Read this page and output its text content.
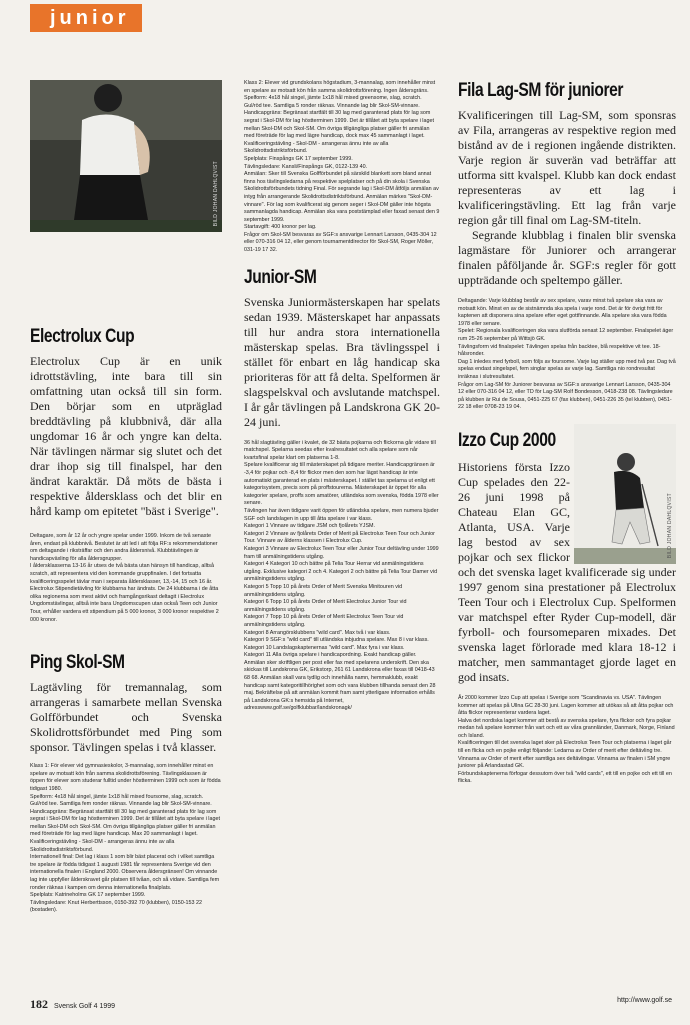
junior
BILD JOHAN DAHLQVIST
Electrolux Cup

Electrolux Cup är en unik idrottstävling, inte bara till sin omfattning utan också till sin form. Den börjar som en utpräglad breddtävling på klubbnivå, där alla ungdomar 16 år och yngre kan delta. När tävlingen närmar sig slutet och det drar ihop sig till finalspel, har den ändrat karaktär. Då möts de bästa i respektive åldersklass och det blir en hård kamp om epitetet "bäst i Sverige".

Deltagare, som år 12 år och yngre spelar under 1999. Inkom de två senaste åren, endast på klubbnivå. Beslutet är att led i att följa RF:s rekommendationer om deltagande i riksträffar och den andra åldersnivå. Klubbtävlingen är handicapväxling för alla åldersgrupper.
I åldersklasserna 13-16 år utses de två bästa utan hänsyn till handicap, alltså scratch, att representera vid den kommande gruppfinalen. I det fortsatta kvalificeringsspelet tävlar man i separata åldersklasser, 13,-14, 15 och 16 år.
Electrolux Stipendietävling för klubbarna har ändrats. De 24 klubbarna i de åtta olika regionerna som mest aktivt och framgångsrikast deltagit i Electrolux Ungdomstävlingar, alltså inte bara Ungdomscupen utan också Teen och Junior Tour, erhåller vardera ett stipendium på 5 000 kronor, 3 000 kronor respektive 2 000 kronor.

Ping Skol-SM

Lagtävling för tremannalag, som arrangeras i samarbete mellan Svenska Golfförbundet och Svenska Skolidrottsförbundet med Ping som sponsor. Tävlingen spelas i två klasser.

Klass 1: För elever vid gymnasieskolor, 3-mannalag, som innehåller minst en spelare av motsatt kön från samma skolidrottsförening. Tävlingsklassen är öppen för elever som studerar fulltid under höstterminen 1999 och som är födda tidigast 1980.
Spelform: 4x18 hål singel, jämte 1x18 hål mixed foursome, slag, scratch. Gul/röd tee. Samtliga fem ronder räknas. Vinnande lag blir Skol-SM-vinnare.
Handicapgräns: Begränsat startfält till 30 lag med garanterad plats för lag som segrat i Skol-DM för lag höstterminen 1999. Det är tillåtet att byta spelare i laget mellan Skol-DM och Skol-SM. Om övriga tillgängliga platser gäller fri anmälan med företräde för lag med lägre handicap. Max 20 sammanlagt i laget. Kvalificeringstävling - Skol-DM - arrangeras ännu inte av alla Skolidrottsdistriktsförbund.
Internationell final: Det lag i klass 1 som blir bäst placerat och i vilket samtliga tre spelare är födda tidigast 1 augusti 1981 får representera Sverige vid den internationella finalen i England 2000. Observera åldersgränsen! Om vinnande lag inte uppfyller ålderskravet går platsen till tvåan, och så vidare. Samtliga fem ronder räknas i kampen om denna internationella finalplats.
Spelplats: Katrineholms GK 17 september 1999.
Tävlingsledare: Knut Herberttsson, 0150-392 70 (klubben), 0150-153 22 (bostaden).

Klass 2: Elever vid grundskolans högstadium, 3-mannalag, som innehåller minst en spelare av motsatt kön från samma skolidrottsförening. Ingen åldersgräns.
Spelform: 4x18 hål singel, jämte 1x18 hål mixed greensome, slag, scratch. Gul/röd tee. Samtliga 5 ronder räknas. Vinnande lag blir Skol-SM-vinnare.
Handicapgräns: Begränsat startfält till 30 lag med garanterad plats för lag som segrat i Skol-DM för lag höstterminen 1999. Det är tillåtet att byta spelare i laget mellan Skol-DM och Skol-SM. Om övriga tillgängliga platser gäller fri anmälan med företräde för lag med lägre handicap, dock max 45 sammanlagt i laget. Kvalificeringstävling - Skol-DM - arrangeras ännu inte av alla Skolidrottsdistriktsförbund.
Spelplats: Finspångs GK 17 september 1999.
Tävlingsledare: Kansli/Finspångs GK, 0122-139 40.
Anmälan: Sker till Svenska Golfförbundet på särskild blankett som bland annat finns hos tävlingsledarna på respektive spelplatser och på din skola i Svenska Skolidrottsförbundets tidning Final. För segrande lag i Skol-DM åtföljs anmälan av intyg från arrangerande Skolidrottsdistriktsförbund. Anmälan märkes "Skol-DM-vinnare". För lag som kvalificerat sig genom seger i Skol-DM gäller inte högsta sammanlagda handicap. Anmälan ska vara poststämplad eller faxad senast den 9 september 1999.
Startavgift: 400 kronor per lag.
Frågor om Skol-SM besvaras av SGF:s ansvarige Lennart Larsson, 0435-304 12 eller 070-316 04 12, eller genom tournamentdirector för Skol-SM, Roger Möller, 031-19 17 32.

Junior-SM

Svenska Juniormästerskapen har spelats sedan 1939. Mästerskapet har anpassats till hur andra stora internationella mästerskap spelas. Bra tävlingsspel i stället för enbart en låg handicap ska prioriteras för att få delta. Spelformen är slagspelskval och avslutande matchspel. I år går tävlingen på Landskrona GK 20-24 juni.

36 hål slagtävling gäller i kvalet, de 32 bästa pojkarna och flickorna går vidare till matchspel. Spelarna seedas efter kvalresultatet och alla spelare som når kvartsfinal spelar klart om platserna 1-8.
Spelare kvalificerar sig till mästerskapet på tidigare meriter. Handicapgränsen är -3,4 för pojkar och -8,4 för flickor men den som har lägst handicap är inte automatiskt garanterad en plats i mästerskapet. I stället tas spelarna ut enligt ett kategorisystem, precis som på proffstourerna. Mästerskapet är öppet för alla kategorier spelare, proffs som amatörer, utländska som svenska, födda 1978 eller senare.
Tävlingen har även tidigare varit öppen för utländska spelare, men numera bjuder SGF och landslagen in upp till åtta spelare i var klass.
Kategori 1 Vinnare av tidigare JSM och fjolårets YJSM.
Kategori 2 Vinnare av fjolårets Order of Merit på Electrolux Teen Tour och Junior Tour. Vinnare av ålderns klassen i Electrolux Cup.
Kategori 3 Vinnare av Electrolux Teen Tour eller Junior Tour deltävling under 1999 fram till anmälningstidens utgång.
Kategori 4 Kategori 10 och bättre på Telia Tour Herrar vid anmälningstidens utgång. Exklusive kategori 2 och 4. Kategori 2 och bättre på Telia Tour Damer vid anmälningstidens utgång.
Kategori 5 Topp 10 på årets Order of Merit Svenska Minitouren vid anmälningstidens utgång.
Kategori 6 Topp 10 på årets Order of Merit Electrolux Junior Tour vid anmälningstidens utgång.
Kategori 7 Topp 10 på årets Order of Merit Electrolux Teen Tour vid anmälningstidens utgång.
Kategori 8 Arrangörsklubbens "wild card". Max två i var klass.
Kategori 9 SGF:s "wild card" till utländska inbjudna spelare. Max 8 i var klass.
Kategori 10 Landslagskaptenernas "wild card". Max fyra i var klass.
Kategori 11 Alla övriga spelare i handicapordning. Exakt handicap gäller.
Anmälan sker skriftligen per post eller fax med spelarens underskrift. Den ska skickas till Landskrona GK, Erikstorp, 261 61 Landskrona eller faxas till 0418-43 68 68. Anmälan skall vara tydlig och innehålla namn, hemmaklubb, exakt handicap samt kategoritillhörighet som och vara klubben tillhanda senast den 28 maj. Bekräftelse på att anmälan kommit fram samt ytterligare information erhålls på Landskrona GK:s hemsida på Internet, adresswww.golf.se/golfklubbar/landskronagk/

Fila Lag-SM för juniorer

Kvalificeringen till Lag-SM, som sponsras av Fila, arrangeras av respektive region med bistånd av de i regionen ingående distrikten. Varje region är suverän vad beträffar att utforma sitt kvalspel. Klubb kan dock endast representeras av ett lag i kvalificeringstävling. Ett lag från varje region går till final om Lag-SM-titeln.

Segrande klubblag i finalen blir svenska lagmästare för Juniorer och arrangerar finalen påföljande år. SGF:s regler för gott uppträdande och speltempo gäller.

Deltagande: Varje klubblag består av sex spelare, varav minst två spelare ska vara av motsatt kön. Minst en av de sistnämnda ska spela i varje rond. Det är för övrigt fritt för kaptenen att disponera sina spelare efter eget gottfinnande. Alla spelare ska vara födda 1978 eller senare.
Spelet: Regionala kvalificeringen ska vara slutförda senast 12 september. Finalspelet äger rum 25-26 september på Wittsjö GK.
Tävlingsform vid finalspelet: Tävlingen spelas från backtee, blå respektive vit tee. 18-hålsronder.
Dag 1 inledes med fyrboll, som följs av foursome. Varje lag ställer upp med två par. Dag två spelas endast singelspel, fem singlar spelas av varje lag. Samtliga nio rondresultat inräknas i slutresultatet.
Frågor om Lag-SM för Juniorer besvaras av SGF:s ansvarige Lennart Larsson, 0435-304 12 eller 070-316 04 12, eller TD för Lag-SM Rolf Bondesson, 0418-238 08. Tävlingsledare på klubben är Rui de Sousa, 0451-225 67 (fax klubben), 0451-226 35 (tel klubben), 0451-22 18 eller 0708-23 19 04.

Izzo Cup 2000
BILD JOHAN DAHLQVIST

Historiens första Izzo Cup spelades den 22-26 juni 1998 på Chateau Elan GC, Atlanta, USA. Varje lag bestod av sex pojkar och sex flickor och det svenska laget kvalificerade sig under 1997 genom sina prestationer på Electrolux Teen Tour och i Electrolux Cup. Spelformen var matchspel efter Ryder Cup-modell, där fyrboll- och foursomeparen mixades. Det svenska laget förlorade med klara 18-12 i matcher, men sammantaget gjorde laget en god insats.

År 2000 kommer Izzo Cup att spelas i Sverige som "Scandinavia vs. USA". Tävlingen kommer att spelas på Ullna GC 28-30 juni. Lagen kommer att utökas så att åtta pojkar och åtta flickor representerar vardera laget.
Halva det nordiska laget kommer att bestå av svenska spelare, fyra flickor och fyra pojkar medan två spelare kommer från vart och ett av våra grannländer, Danmark, Norge, Finland och Island.
Kvalificeringen till det svenska laget sker på Electrolux Teen Tour och platserna i laget går till en flicka och en pojke enligt följande: Ledarna av Order of merit efter deltävling tre. Vinnarna av Order of merit efter samtliga sex deltävlingar. Vinnarna av finalen i SM yngre juniorer på Arlandastad GK.
Förbundskaptenerna förfogar dessutom över två "wild cards", ett till en pojke och ett till en flicka.

182 Svensk Golf 4 1999
http://www.golf.se
